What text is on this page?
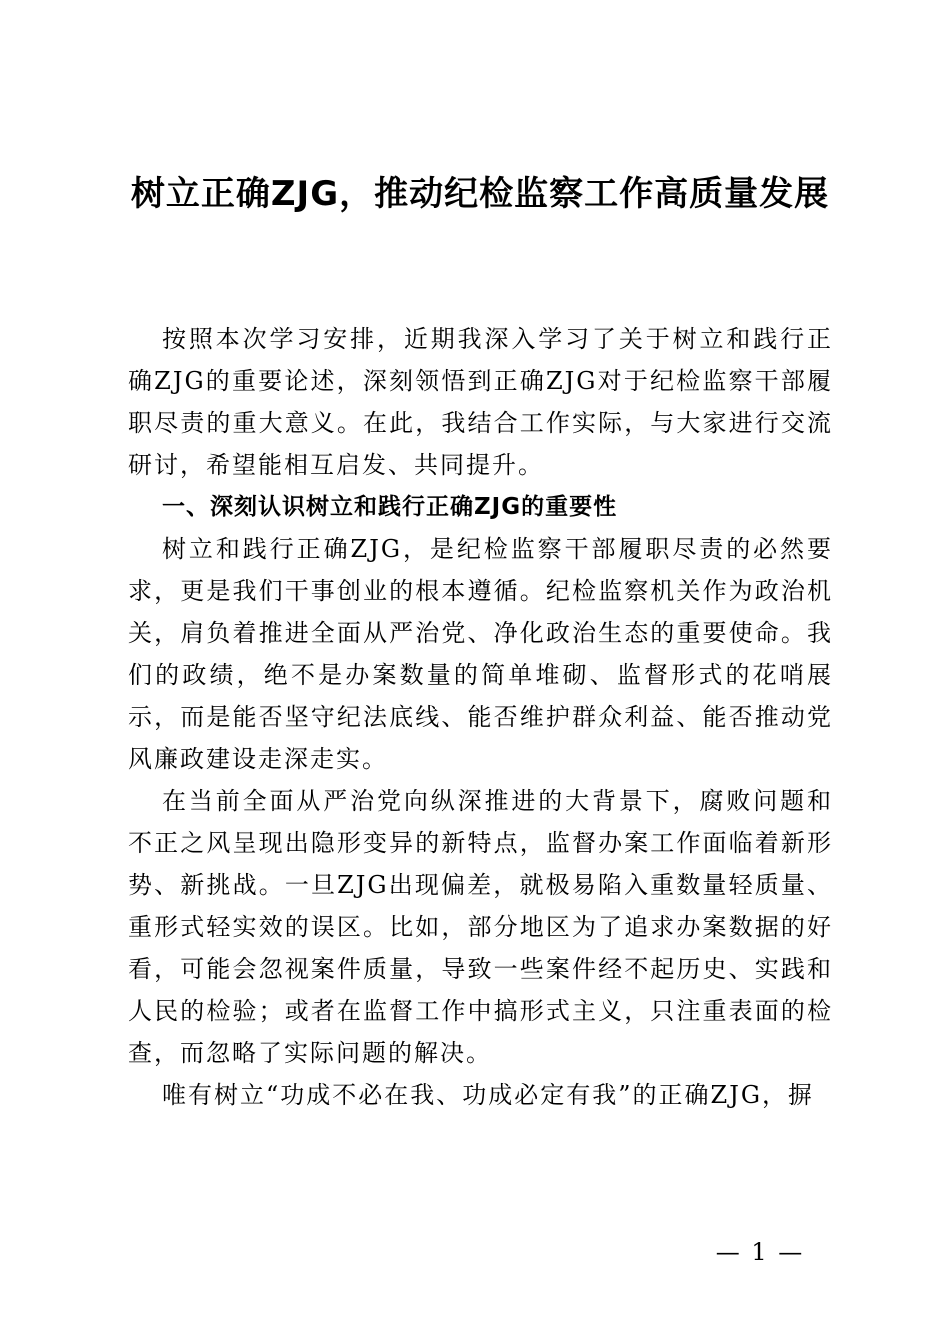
树立正确ZJG，推动纪检监察工作高质量发展

按照本次学习安排，近期我深入学习了关于树立和践行正确ZJG的重要论述，深刻领悟到正确ZJG对于纪检监察干部履职尽责的重大意义。在此，我结合工作实际，与大家进行交流研讨，希望能相互启发、共同提升。

一、深刻认识树立和践行正确ZJG的重要性

树立和践行正确ZJG，是纪检监察干部履职尽责的必然要求，更是我们干事创业的根本遵循。纪检监察机关作为政治机关，肩负着推进全面从严治党、净化政治生态的重要使命。我们的政绩，绝不是办案数量的简单堆砌、监督形式的花哨展示，而是能否坚守纪法底线、能否维护群众利益、能否推动党风廉政建设走深走实。

在当前全面从严治党向纵深推进的大背景下，腐败问题和不正之风呈现出隐形变异的新特点，监督办案工作面临着新形势、新挑战。一旦ZJG出现偏差，就极易陷入重数量轻质量、重形式轻实效的误区。比如，部分地区为了追求办案数据的好看，可能会忽视案件质量，导致一些案件经不起历史、实践和人民的检验；或者在监督工作中搞形式主义，只注重表面的检查，而忽略了实际问题的解决。

唯有树立“功成不必在我、功成必定有我”的正确ZJG，摒

— 1 —
